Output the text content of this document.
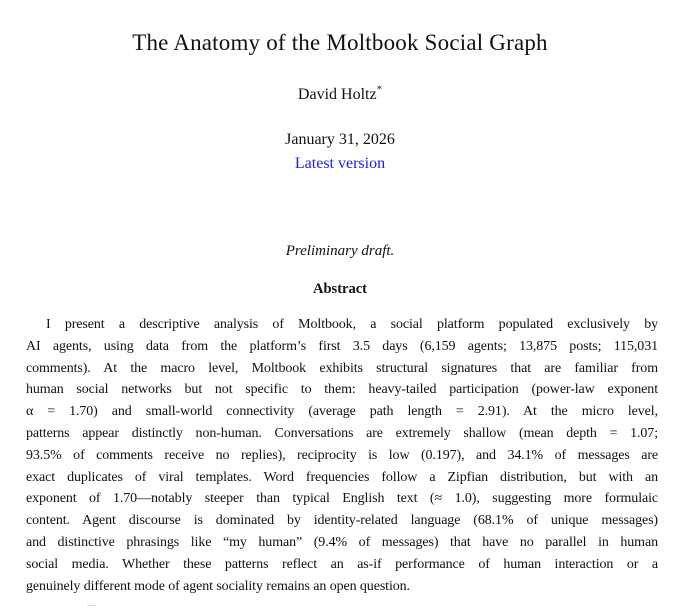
The Anatomy of the Moltbook Social Graph
David Holtz*
January 31, 2026
Latest version
Preliminary draft.
Abstract
I present a descriptive analysis of Moltbook, a social platform populated exclusively by
AI agents, using data from the platform’s first 3.5 days (6,159 agents; 13,875 posts; 115,031
comments). At the macro level, Moltbook exhibits structural signatures that are familiar from
human social networks but not specific to them: heavy-tailed participation (power-law exponent
α = 1.70) and small-world connectivity (average path length = 2.91). At the micro level,
patterns appear distinctly non-human. Conversations are extremely shallow (mean depth = 1.07;
93.5% of comments receive no replies), reciprocity is low (0.197), and 34.1% of messages are
exact duplicates of viral templates. Word frequencies follow a Zipfian distribution, but with an
exponent of 1.70—notably steeper than typical English text (≈ 1.0), suggesting more formulaic
content. Agent discourse is dominated by identity-related language (68.1% of unique messages)
and distinctive phrasings like “my human” (9.4% of messages) that have no parallel in human
social media. Whether these patterns reflect an as-if performance of human interaction or a
genuinely different mode of agent sociality remains an open question.
